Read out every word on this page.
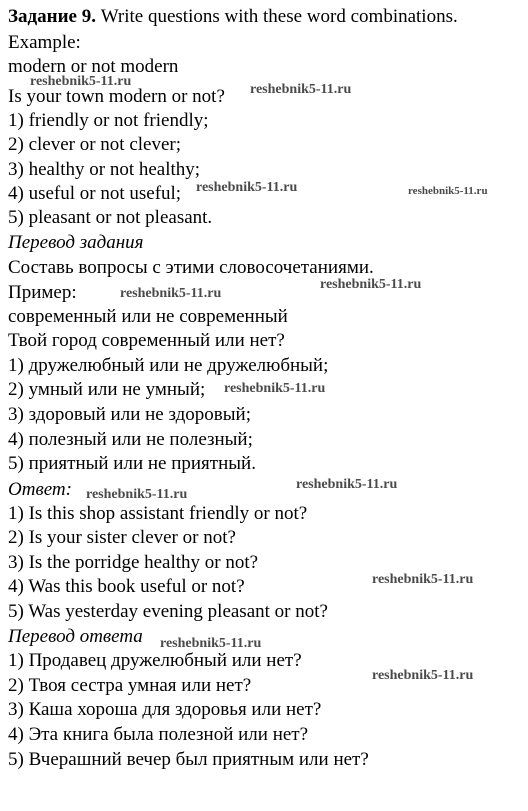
Задание 9. Write questions with these word combinations.
Example:
modern or not modern
Is your town modern or not?
1) friendly or not friendly;
2) clever or not clever;
3) healthy or not healthy;
4) useful or not useful;
5) pleasant or not pleasant.
Перевод задания
Составь вопросы с этими словосочетаниями.
Пример:
современный или не современный
Твой город современный или нет?
1) дружелюбный или не дружелюбный;
2) умный или не умный;
3) здоровый или не здоровый;
4) полезный или не полезный;
5) приятный или не приятный.
Ответ:
1) Is this shop assistant friendly or not?
2) Is your sister clever or not?
3) Is the porridge healthy or not?
4) Was this book useful or not?
5) Was yesterday evening pleasant or not?
Перевод ответа
1) Продавец дружелюбный или нет?
2) Твоя сестра умная или нет?
3) Каша хороша для здоровья или нет?
4) Эта книга была полезной или нет?
5) Вчерашний вечер был приятным или нет?
reshebnik5-11.ru
reshebnik5-11.ru
reshebnik5-11.ru	reshebnik5-11.ru
reshebnik5-11.ru
reshebnik5-11.ru
reshebnik5-11.ru
reshebnik5-11.ru
reshebnik5-11.ru
reshebnik5-11.ru
reshebnik5-11.ru
reshebnik5-11.ru
